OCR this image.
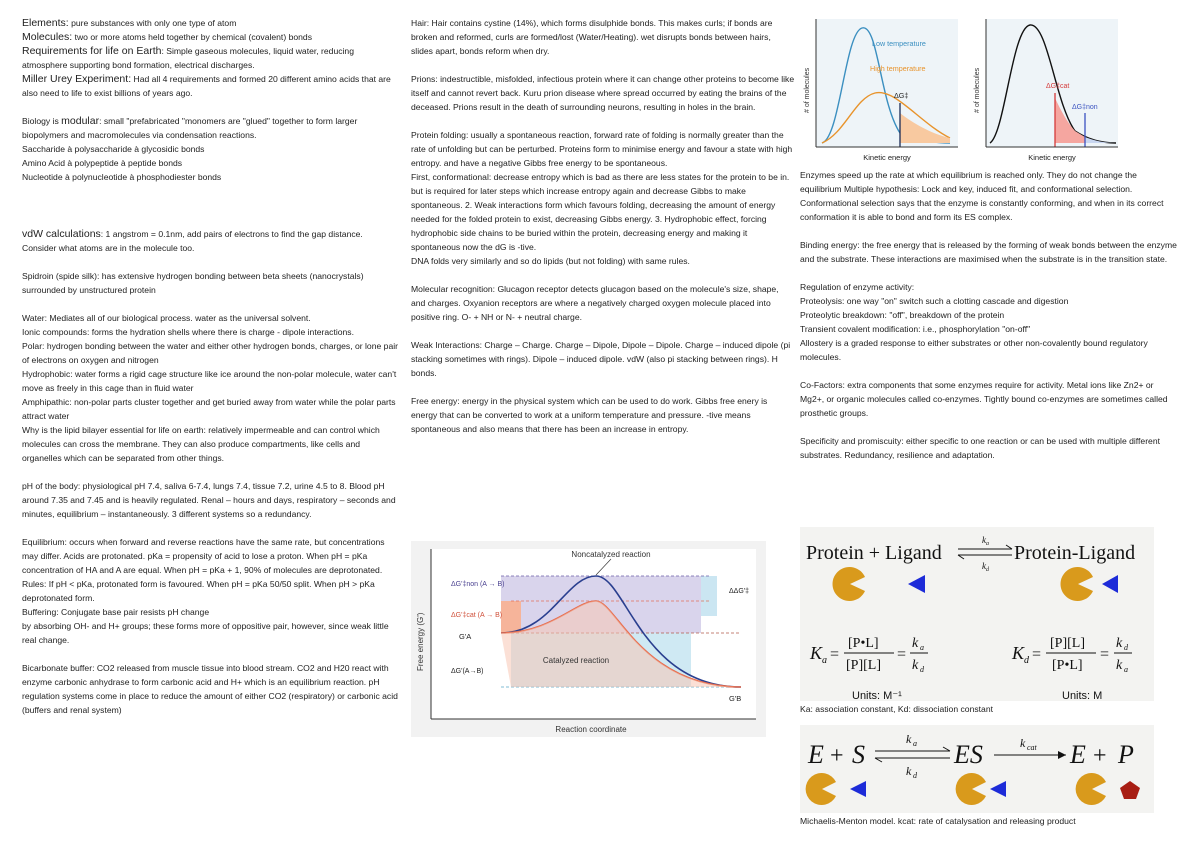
Elements: pure substances with only one type of atom

Molecules: two or more atoms held together by chemical (covalent) bonds

Requirements for life on Earth: Simple gaseous molecules, liquid water, reducing atmosphere supporting bond formation, electrical discharges.

Miller Urey Experiment: Had all 4 requirements and formed 20 different amino acids that are also need to life to exist billions of years ago.

Biology is modular: small "prefabricated "monomers are "glued" together to form larger biopolymers and macromolecules via condensation reactions.

Saccharide à polysaccharide à glycosidic bonds

Amino Acid à polypeptide à peptide bonds

Nucleotide à polynucleotide à phosphodiester bonds

vdW calculations: 1 angstrom = 0.1nm, add pairs of electrons to find the gap distance. Consider what atoms are in the molecule too.

Spidroin (spide silk): has extensive hydrogen bonding between beta sheets (nanocrystals) surrounded by unstructured protein

Water: Mediates all of our biological process. water as the universal solvent.

Ionic compounds: forms the hydration shells where there is charge - dipole interactions.

Polar: hydrogen bonding between the water and either other hydrogen bonds, charges, or lone pair of electrons on oxygen and nitrogen

Hydrophobic: water forms a rigid cage structure like ice around the non-polar molecule, water can't move as freely in this cage than in fluid water

Amphipathic: non-polar parts cluster together and get buried away from water while the polar parts attract water

Why is the lipid bilayer essential for life on earth: relatively impermeable and can control which molecules can cross the membrane. They can also produce compartments, like cells and organelles which can be separated from other things.

pH of the body: physiological pH 7.4, saliva 6-7.4, lungs 7.4, tissue 7.2, urine 4.5 to 8. Blood pH around 7.35 and 7.45 and is heavily regulated. Renal – hours and days, respiratory – seconds and minutes, equilibrium – instantaneously. 3 different systems so a redundancy.

Equilibrium: occurs when forward and reverse reactions have the same rate, but concentrations may differ. Acids are protonated. pKa = propensity of acid to lose a proton. When pH = pKa concentration of HA and A are equal. When pH = pKa + 1, 90% of molecules are deprotonated. Rules: If pH < pKa, protonated form is favoured. When pH = pKa 50/50 split. When pH > pKa deprotonated form.

Buffering: Conjugate base pair resists pH change

by absorbing OH- and H+ groups; these forms more of oppositive pair, however, since weak little real change.

Bicarbonate buffer: CO2 released from muscle tissue into blood stream. CO2 and H20 react with enzyme carbonic anhydrase to form carbonic acid and H+ which is an equilibrium reaction. pH regulation systems come in place to reduce the amount of either CO2 (respiratory) or carbonic acid (buffers and renal system)

Hair: Hair contains cystine (14%), which forms disulphide bonds. This makes curls; if bonds are broken and reformed, curls are formed/lost (Water/Heating). wet disrupts bonds between hairs, slides apart, bonds reform when dry.

Prions: indestructible, misfolded, infectious protein where it can change other proteins to become like itself and cannot revert back. Kuru prion disease where spread occurred by eating the brains of the deceased. Prions result in the death of surrounding neurons, resulting in holes in the brain.

Protein folding: usually a spontaneous reaction, forward rate of folding is normally greater than the rate of unfolding but can be perturbed. Proteins form to minimise energy and favour a state with high entropy. and have a negative Gibbs free energy to be spontaneous.

First, conformational: decrease entropy which is bad as there are less states for the protein to be in. but is required for later steps which increase entropy again and decrease Gibbs to make spontaneous. 2. Weak interactions form which favours folding, decreasing the amount of energy needed for the folded protein to exist, decreasing Gibbs energy. 3. Hydrophobic effect, forcing hydrophobic side chains to be buried within the protein, decreasing energy and making it spontaneous now the dG is -tive.

DNA folds very similarly and so do lipids (but not folding) with same rules.

Molecular recognition: Glucagon receptor detects glucagon based on the molecule's size, shape, and charges. Oxyanion receptors are where a negatively charged oxygen molecule placed into positive ring. O- + NH or N- + neutral charge.

Weak Interactions: Charge – Charge. Charge – Dipole, Dipole – Dipole. Charge – induced dipole (pi stacking sometimes with rings). Dipole – induced dipole. vdW (also pi stacking between rings). H bonds.

Free energy: energy in the physical system which can be used to do work. Gibbs free enery is energy that can be converted to work at a uniform temperature and pressure. -tive means spontaneous and also means that there has been an increase in entropy.

Noncatalyzed reaction
Catalyzed reaction
Free energy (G')
Reaction coordinate
ΔG'‡non (A → B)
ΔG'‡cat (A → B)
G'A
ΔG'(A→B)
G'B
ΔΔG'‡
Low temperature
High temperature
ΔG‡
# of molecules
Kinetic energy
ΔG‡cat
ΔG‡non
# of molecules
Kinetic energy

Enzymes speed up the rate at which equilibrium is reached only. They do not change the equilibrium Multiple hypothesis: Lock and key, induced fit, and conformational selection. Conformational selection says that the enzyme is constantly conforming, and when in its correct conformation it is able to bond and form its ES complex.

Binding energy: the free energy that is released by the forming of weak bonds between the enzyme and the substrate. These interactions are maximised when the substrate is in the transition state.

Regulation of enzyme activity:

Proteolysis: one way "on" switch such a clotting cascade and digestion

Proteolytic breakdown: "off", breakdown of the protein

Transient covalent modification: i.e., phosphorylation "on-off"

Allostery is a graded response to either substrates or other non-covalently bound regulatory molecules.

Co-Factors: extra components that some enzymes require for activity. Metal ions like Zn2+ or Mg2+, or organic molecules called co-enzymes. Tightly bound co-enzymes are sometimes called prosthetic groups.

Specificity and promiscuity: either specific to one reaction or can be used with multiple different substrates. Redundancy, resilience and adaptation.

Protein + Ligand
$k_a$
$k_d$
Protein-Ligand
K a =
[P•L]
[P][L]
=
k a
k d
Units: M⁻¹
K d =
[P][L]
[P•L]
=
k d
k a
Units: M

Ka: association constant, Kd: dissociation constant

E + S
k a
k d
ES	k cat E + P

Michaelis-Menton model. kcat: rate of catalysation and releasing product
